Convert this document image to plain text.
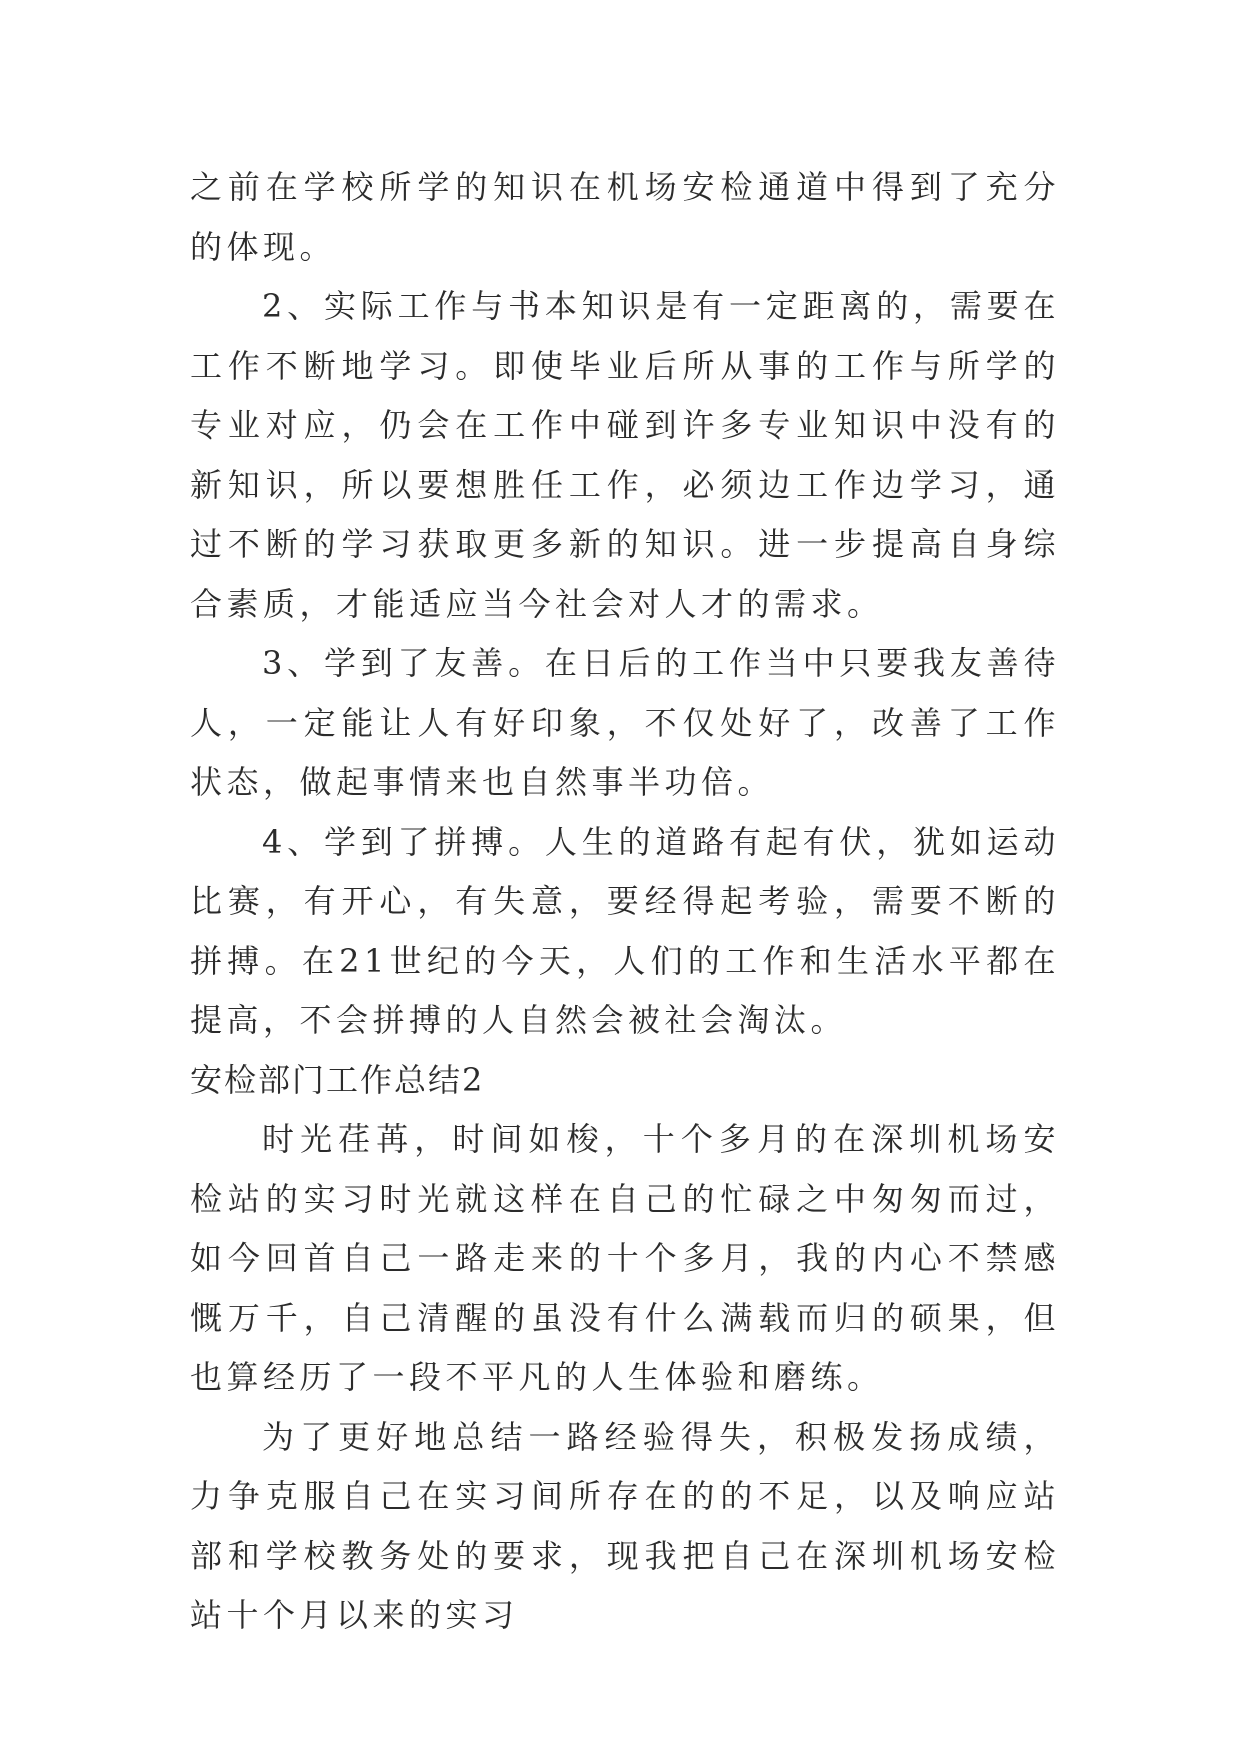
之前在学校所学的知识在机场安检通道中得到了充分的体现。

2、实际工作与书本知识是有一定距离的，需要在工作不断地学习。即使毕业后所从事的工作与所学的专业对应，仍会在工作中碰到许多专业知识中没有的新知识，所以要想胜任工作，必须边工作边学习，通过不断的学习获取更多新的知识。进一步提高自身综合素质，才能适应当今社会对人才的需求。

3、学到了友善。在日后的工作当中只要我友善待人，一定能让人有好印象，不仅处好了，改善了工作状态，做起事情来也自然事半功倍。

4、学到了拼搏。人生的道路有起有伏，犹如运动比赛，有开心，有失意，要经得起考验，需要不断的拼搏。在21世纪的今天，人们的工作和生活水平都在提高，不会拼搏的人自然会被社会淘汰。

安检部门工作总结2

时光荏苒，时间如梭，十个多月的在深圳机场安检站的实习时光就这样在自己的忙碌之中匆匆而过，如今回首自己一路走来的十个多月，我的内心不禁感慨万千，自己清醒的虽没有什么满载而归的硕果，但也算经历了一段不平凡的人生体验和磨练。

为了更好地总结一路经验得失，积极发扬成绩，力争克服自己在实习间所存在的的不足，以及响应站部和学校教务处的要求，现我把自己在深圳机场安检站十个月以来的实习
